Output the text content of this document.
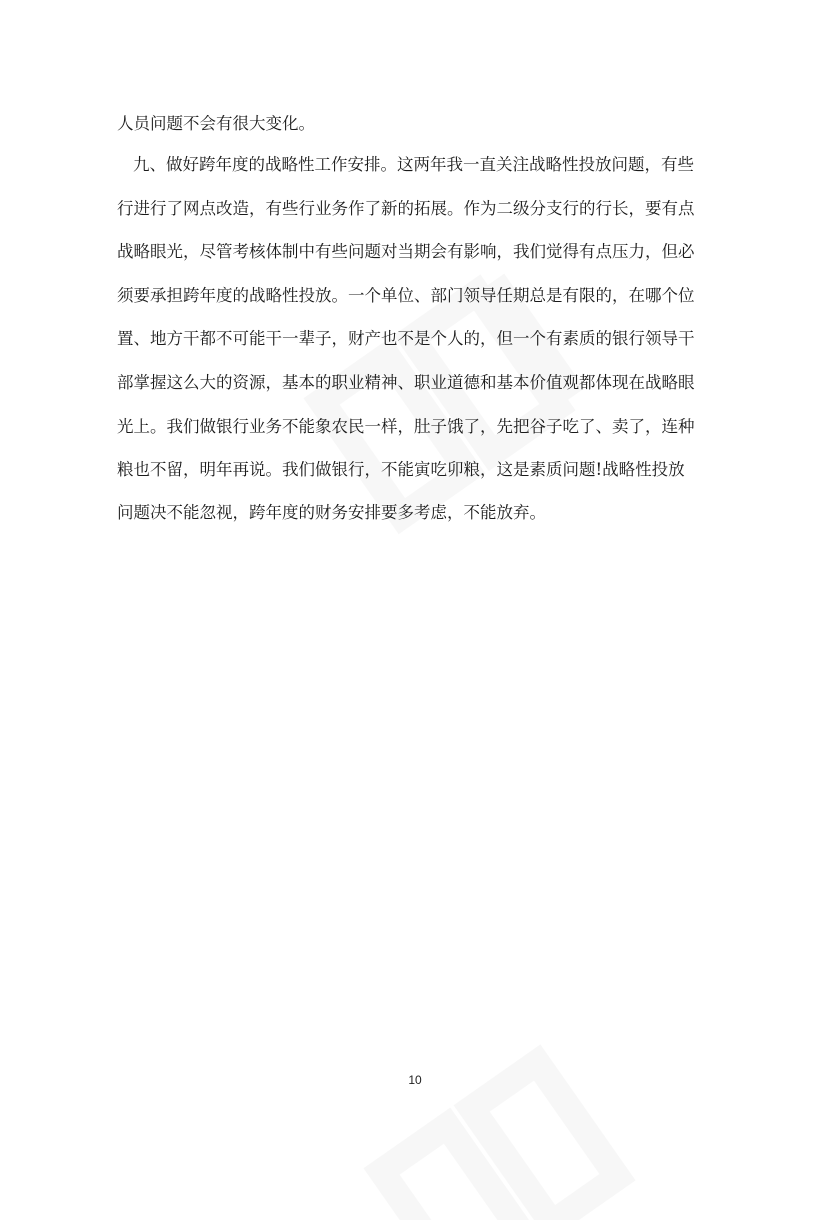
人员问题不会有很大变化。
九、做好跨年度的战略性工作安排。这两年我一直关注战略性投放问题，有些
行进行了网点改造，有些行业务作了新的拓展。作为二级分支行的行长，要有点
战略眼光，尽管考核体制中有些问题对当期会有影响，我们觉得有点压力，但必
须要承担跨年度的战略性投放。一个单位、部门领导任期总是有限的，在哪个位
置、地方干都不可能干一辈子，财产也不是个人的，但一个有素质的银行领导干
部掌握这么大的资源，基本的职业精神、职业道德和基本价值观都体现在战略眼
光上。我们做银行业务不能象农民一样，肚子饿了，先把谷子吃了、卖了，连种
粮也不留，明年再说。我们做银行，不能寅吃卯粮，这是素质问题!战略性投放
问题决不能忽视，跨年度的财务安排要多考虑，不能放弃。
10
